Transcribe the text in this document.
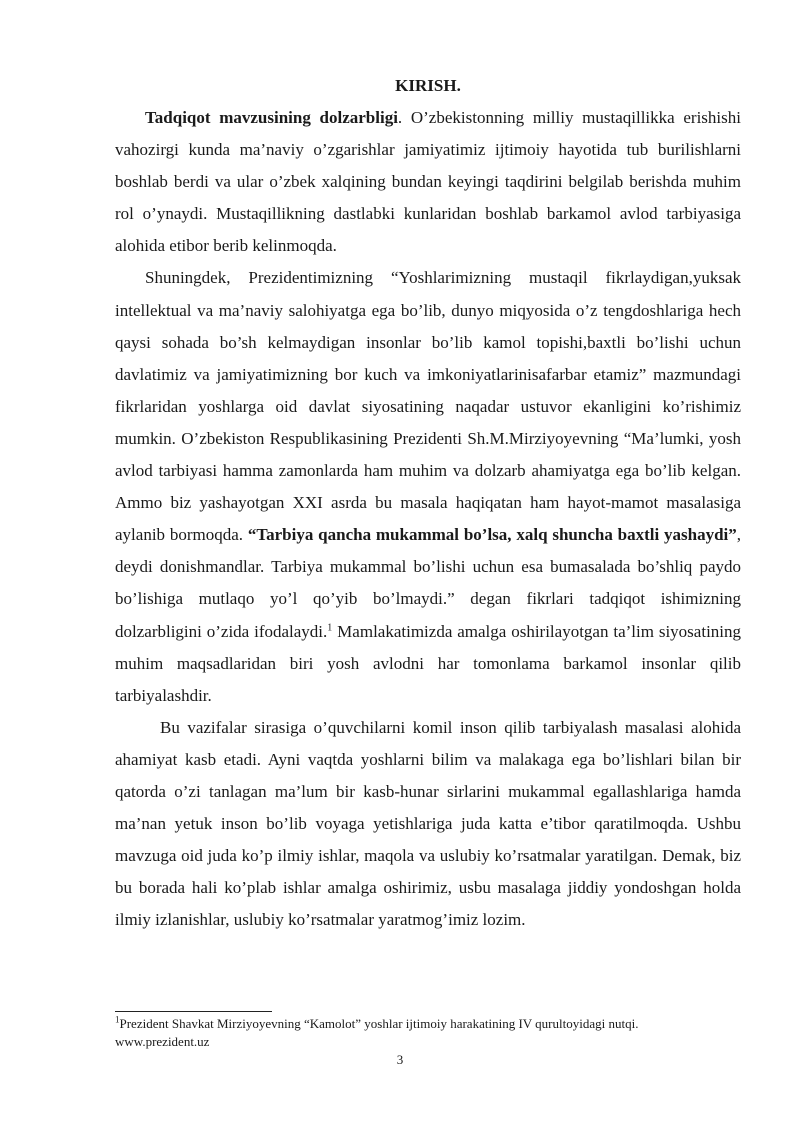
KIRISH.

Tadqiqot mavzusining dolzarbligi. O’zbekistonning milliy mustaqillikka erishishi vahozirgi kunda ma’naviy o’zgarishlar jamiyatimiz ijtimoiy hayotida tub burilishlarni boshlab berdi va ular o’zbek xalqining bundan keyingi taqdirini belgilab berishda muhim rol o’ynaydi. Mustaqillikning dastlabki kunlaridan boshlab barkamol avlod tarbiyasiga alohida etibor berib kelinmoqda.

Shuningdek, Prezidentimizning “Yoshlarimizning mustaqil fikrlaydigan,yuksak intellektual va ma’naviy salohiyatga ega bo’lib, dunyo miqyosida o’z tengdoshlariga hech qaysi sohada bo’sh kelmaydigan insonlar bo’lib kamol topishi,baxtli bo’lishi uchun davlatimiz va jamiyatimizning bor kuch va imkoniyatlarinisafarbar etamiz” mazmundagi fikrlaridan yoshlarga oid davlat siyosatining naqadar ustuvor ekanligini ko’rishimiz mumkin. O’zbekiston Respublikasining Prezidenti Sh.M.Mirziyoyevning “Ma’lumki, yosh avlod tarbiyasi hamma zamonlarda ham muhim va dolzarb ahamiyatga ega bo’lib kelgan. Ammo biz yashayotgan XXI asrda bu masala haqiqatan ham hayot-mamot masalasiga aylanib bormoqda. “Tarbiya qancha mukammal bo’lsa, xalq shuncha baxtli yashaydi”, deydi donishmandlar. Tarbiya mukammal bo’lishi uchun esa bumasalada bo’shliq paydo bo’lishiga mutlaqo yo’l qo’yib bo’lmaydi.” degan fikrlari tadqiqot ishimizning dolzarbligini o’zida ifodalaydi.$^1$ Mamlakatimizda amalga oshirilayotgan ta’lim siyosatining muhim maqsadlaridan biri yosh avlodni har tomonlama barkamol insonlar qilib tarbiyalashdir.

Bu vazifalar sirasiga o’quvchilarni komil inson qilib tarbiyalash masalasi alohida ahamiyat kasb etadi. Ayni vaqtda yoshlarni bilim va malakaga ega bo’lishlari bilan bir qatorda o’zi tanlagan ma’lum bir kasb-hunar sirlarini mukammal egallashlariga hamda ma’nan yetuk inson bo’lib voyaga yetishlariga juda katta e’tibor qaratilmoqda. Ushbu mavzuga oid juda ko’p ilmiy ishlar, maqola va uslubiy ko’rsatmalar yaratilgan. Demak, biz bu borada hali ko’plab ishlar amalga oshirimiz, usbu masalaga jiddiy yondoshgan holda ilmiy izlanishlar, uslubiy ko’rsatmalar yaratmog’imiz lozim.

$^1$Prezident Shavkat Mirziyoyevning “Kamolot” yoshlar ijtimoiy harakatining IV qurultoyidagi nutqi.
www.prezident.uz
3
